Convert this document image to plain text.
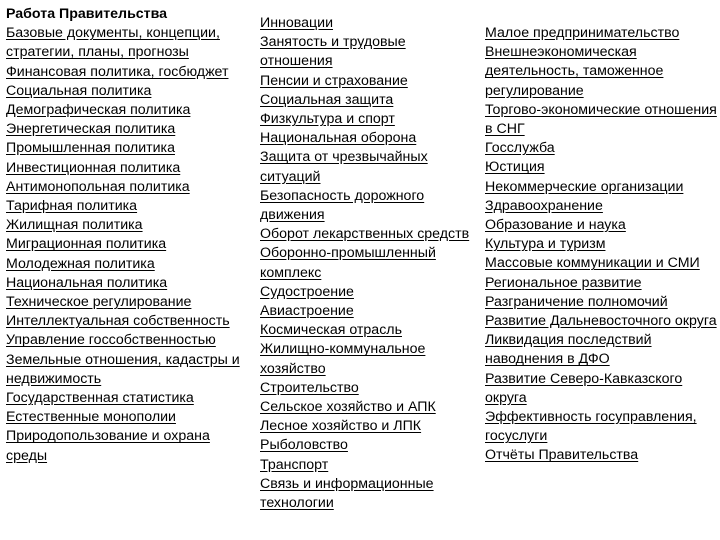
Работа Правительства
Базовые документы, концепции, стратегии, планы, прогнозы
Финансовая политика, госбюджет
Социальная политика
Демографическая политика
Энергетическая политика
Промышленная политика
Инвестиционная политика
Антимонопольная политика
Тарифная политика
Жилищная политика
Миграционная политика
Молодежная политика
Национальная политика
Техническое регулирование
Интеллектуальная собственность
Управление госсобственностью
Земельные отношения, кадастры и недвижимость
Государственная статистика
Естественные монополии
Природопользование и охрана среды
Инновации
Занятость и трудовые отношения
Пенсии и страхование
Социальная защита
Физкультура и спорт
Национальная оборона
Защита от чрезвычайных ситуаций
Безопасность дорожного движения
Оборот лекарственных средств
Оборонно-промышленный комплекс
Судостроение
Авиастроение
Космическая отрасль
Жилищно-коммунальное хозяйство
Строительство
Сельское хозяйство и АПК
Лесное хозяйство и ЛПК
Рыболовство
Транспорт
Связь и информационные технологии
Малое предпринимательство
Внешнеэкономическая деятельность, таможенное регулирование
Торгово-экономические отношения в СНГ
Госслужба
Юстиция
Некоммерческие организации
Здравоохранение
Образование и наука
Культура и туризм
Массовые коммуникации и СМИ
Региональное развитие
Разграничение полномочий
Развитие Дальневосточного округа
Ликвидация последствий наводнения в ДФО
Развитие Северо-Кавказского округа
Эффективность госуправления, госуслуги
Отчёты Правительства
